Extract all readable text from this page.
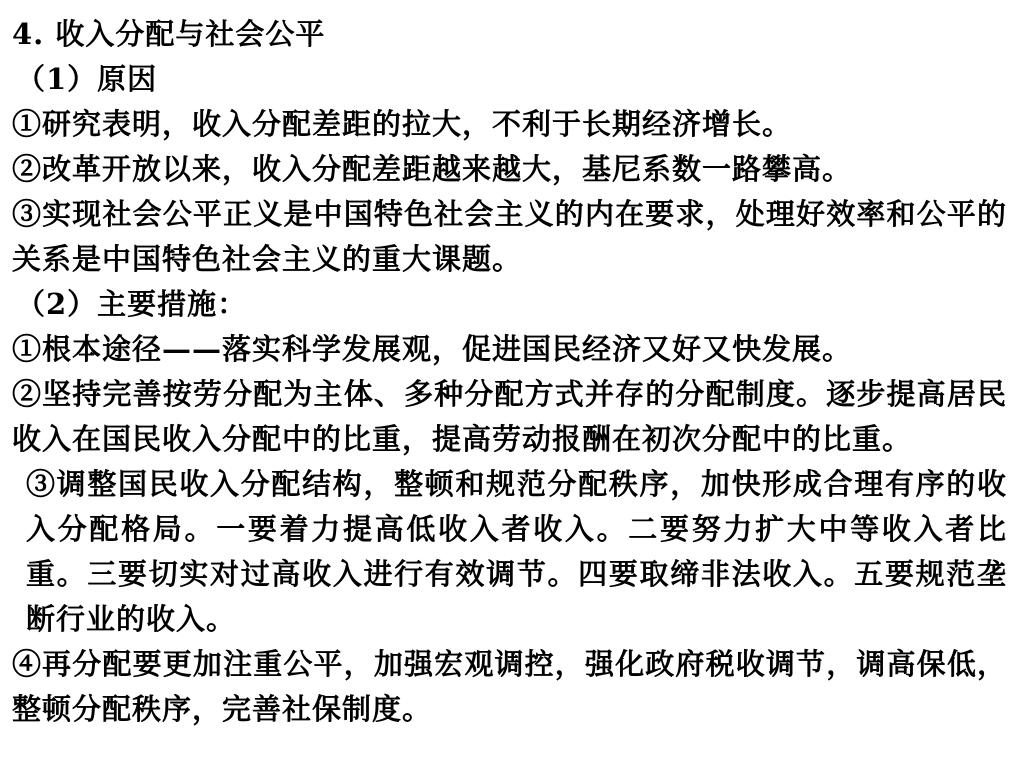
4. 收入分配与社会公平
（1）原因
①研究表明，收入分配差距的拉大，不利于长期经济增长。
②改革开放以来，收入分配差距越来越大，基尼系数一路攀高。
③实现社会公平正义是中国特色社会主义的内在要求，处理好效率和公平的关系是中国特色社会主义的重大课题。
（2）主要措施：
①根本途径——落实科学发展观，促进国民经济又好又快发展。
②坚持完善按劳分配为主体、多种分配方式并存的分配制度。逐步提高居民收入在国民收入分配中的比重，提高劳动报酬在初次分配中的比重。
③调整国民收入分配结构，整顿和规范分配秩序，加快形成合理有序的收入分配格局。一要着力提高低收入者收入。二要努力扩大中等收入者比重。三要切实对过高收入进行有效调节。四要取缔非法收入。五要规范垄断行业的收入。
④再分配要更加注重公平，加强宏观调控，强化政府税收调节，调高保低，整顿分配秩序，完善社保制度。
